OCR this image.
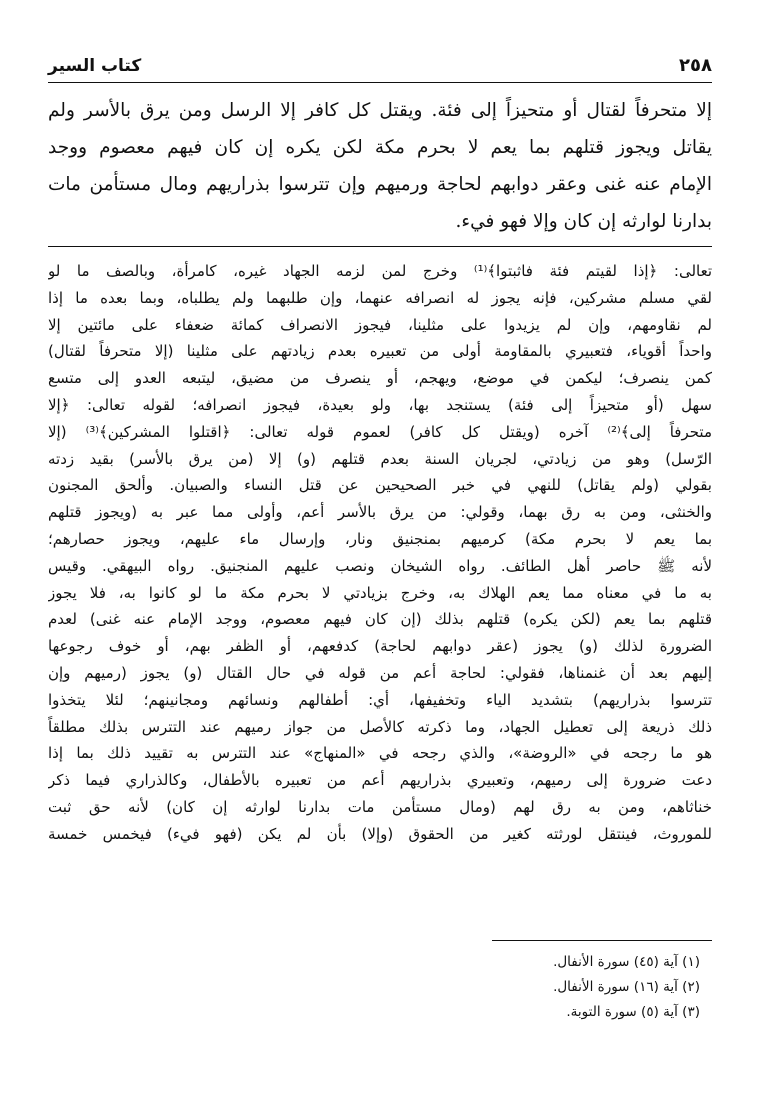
٢٥٨
كتاب السير
إلا متحرفاً لقتال أو متحيزاً إلى فئة. ويقتل كل كافر إلا الرسل ومن يرق بالأسر ولم
يقاتل ويجوز قتلهم بما يعم لا بحرم مكة لكن يكره إن كان فيهم معصوم ووجد
الإمام عنه غنى وعقر دوابهم لحاجة ورميهم وإن تترسوا بذراريهم ومال مستأمن مات
بدارنا لوارثه إن كان وإلا فهو فيء.
تعالى: ﴿إذا لقيتم فئة فاثبتوا﴾⁽¹⁾ وخرج لمن لزمه الجهاد غيره، كامرأة، وبالصف ما لو
لقي مسلم مشركين، فإنه يجوز له انصرافه عنهما، وإن طلبهما ولم يطلباه، وبما بعده ما إذا
لم نقاومهم، وإن لم يزيدوا على مثلينا، فيجوز الانصراف كمائة ضعفاء على مائتين إلا
واحداً أقوياء، فتعبيري بالمقاومة أولى من تعبيره بعدم زيادتهم على مثلينا (إلا متحرفاً لقتال)
كمن ينصرف؛ ليكمن في موضع، ويهجم، أو ينصرف من مضيق، ليتبعه العدو إلى متسع
سهل (أو متحيزاً إلى فئة) يستنجد بها، ولو بعيدة، فيجوز انصرافه؛ لقوله تعالى: ﴿إلا
متحرفاً إلى﴾⁽²⁾ آخره (ويقتل كل كافر) لعموم قوله تعالى: ﴿اقتلوا المشركين﴾⁽³⁾ (إلا
الرّسل) وهو من زيادتي، لجريان السنة بعدم قتلهم (و) إلا (من يرق بالأسر) بقيد زدته
بقولي (ولم يقاتل) للنهي في خبر الصحيحين عن قتل النساء والصبيان. وألحق المجنون
والخنثى، ومن به رق بهما، وقولي: من يرق بالأسر أعم، وأولى مما عبر به (ويجوز قتلهم
بما يعم لا بحرم مكة) كرميهم بمنجنيق ونار، وإرسال ماء عليهم، ويجوز حصارهم؛
لأنه ﷺ حاصر أهل الطائف. رواه الشيخان ونصب عليهم المنجنيق. رواه البيهقي. وقيس
به ما في معناه مما يعم الهلاك به، وخرج بزيادتي لا بحرم مكة ما لو كانوا به، فلا يجوز
قتلهم بما يعم (لكن يكره) قتلهم بذلك (إن كان فيهم معصوم، ووجد الإمام عنه غنى) لعدم
الضرورة لذلك (و) يجوز (عقر دوابهم لحاجة) كدفعهم، أو الظفر بهم، أو خوف رجوعها
إليهم بعد أن غنمناها، فقولي: لحاجة أعم من قوله في حال القتال (و) يجوز (رميهم وإن
تترسوا بذراريهم) بتشديد الياء وتخفيفها، أي: أطفالهم ونسائهم ومجانينهم؛ لئلا يتخذوا
ذلك ذريعة إلى تعطيل الجهاد، وما ذكرته كالأصل من جواز رميهم عند التترس بذلك مطلقاً
هو ما رجحه في «الروضة»، والذي رجحه في «المنهاج» عند التترس به تقييد ذلك بما إذا
دعت ضرورة إلى رميهم، وتعبيري بذراريهم أعم من تعبيره بالأطفال، وكالذراري فيما ذكر
خناثاهم، ومن به رق لهم (ومال مستأمن مات بدارنا لوارثه إن كان) لأنه حق ثبت
للموروث، فينتقل لورثته كغير من الحقوق (وإلا) بأن لم يكن (فهو فيء) فيخمس خمسة
(١) آية (٤٥) سورة الأنفال.
(٢) آية (١٦) سورة الأنفال.
(٣) آية (٥) سورة التوبة.
